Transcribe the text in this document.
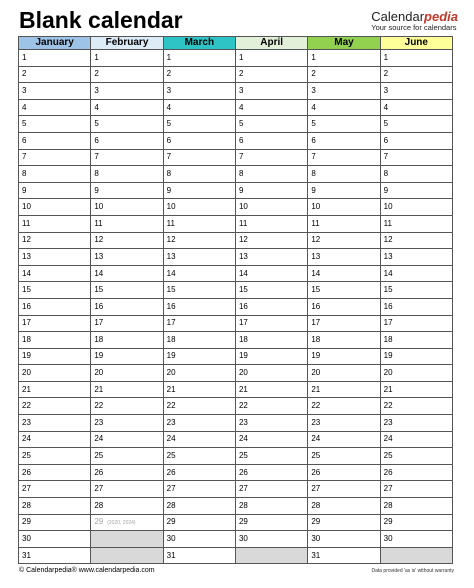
Blank calendar	Calendarpedia
Your source for calendars
January	February	March	April	May	June
1	1	1	1	1	1
2	2	2	2	2	2
3	3	3	3	3	3
4	4	4	4	4	4
5	5	5	5	5	5
6	6	6	6	6	6
7	7	7	7	7	7
8	8	8	8	8	8
9	9	9	9	9	9
10	10	10	10	10	10
11	11	11	11	11	11
12	12	12	12	12	12
13	13	13	13	13	13
14	14	14	14	14	14
15	15	15	15	15	15
16	16	16	16	16	16
17	17	17	17	17	17
18	18	18	18	18	18
19	19	19	19	19	19
20	20	20	20	20	20
21	21	21	21	21	21
22	22	22	22	22	22
23	23	23	23	23	23
24	24	24	24	24	24
25	25	25	25	25	25
26	26	26	26	26	26
27	27	27	27	27	27
28	28	28	28	28	28
29	29 (2020, 2024)	29	29	29	29
30		30	30	30	30
31		31		31	
© Calendarpedia® www.calendarpedia.com	Data provided 'as is' without warranty
